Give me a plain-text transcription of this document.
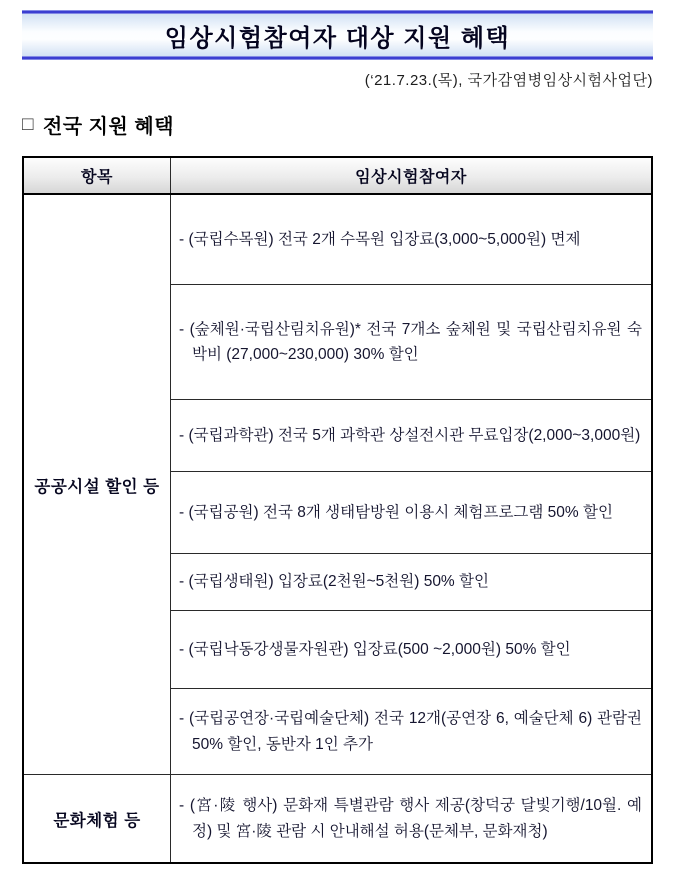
임상시험참여자 대상 지원 혜택
(‘21.7.23.(목), 국가감염병임상시험사업단)
□ 전국 지원 혜택
항목	임상시험참여자
공공시설 할인 등	- (국립수목원) 전국 2개 수목원 입장료(3,000~5,000원) 면제

	- (숲체원·국립산림치유원)* 전국 7개소 숲체원 및 국립산림치유원 숙박비 (27,000~230,000) 30% 할인

	- (국립과학관) 전국 5개 과학관 상설전시관 무료입장(2,000~3,000원)

	- (국립공원) 전국 8개 생태탐방원 이용시 체험프로그램 50% 할인

	- (국립생태원) 입장료(2천원~5천원) 50% 할인

	- (국립낙동강생물자원관) 입장료(500 ~2,000원) 50% 할인

	- (국립공연장·국립예술단체) 전국 12개(공연장 6, 예술단체 6) 관람권 50% 할인, 동반자 1인 추가

문화체험 등	- (宮·陵 행사) 문화재 특별관람 행사 제공(창덕궁 달빛기행/10월. 예정) 및 宮·陵 관람 시 안내해설 허용(문체부, 문화재청)
